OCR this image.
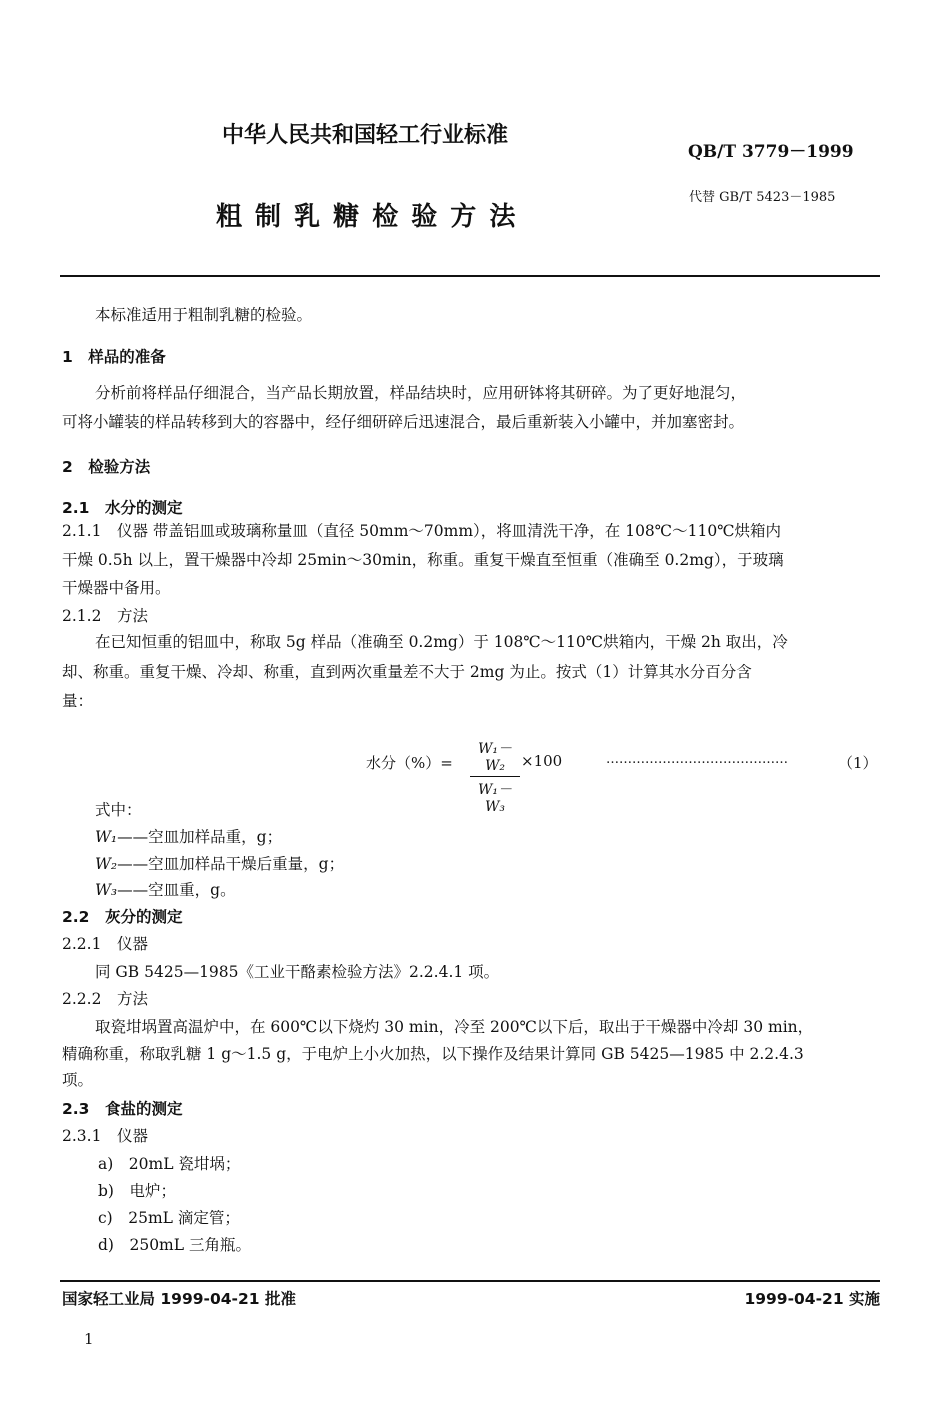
中华人民共和国轻工行业标准
QB/T 3779－1999
粗 制 乳 糖 检 验 方 法
代替 GB/T 5423－1985
本标准适用于粗制乳糖的检验。
1　样品的准备
分析前将样品仔细混合，当产品长期放置，样品结块时，应用研钵将其研碎。为了更好地混匀，
可将小罐装的样品转移到大的容器中，经仔细研碎后迅速混合，最后重新装入小罐中，并加塞密封。
2　检验方法
2.1　水分的测定
2.1.1　仪器 带盖铝皿或玻璃称量皿（直径 50mm～70mm），将皿清洗干净，在 108℃～110℃烘箱内
干燥 0.5h 以上，置干燥器中冷却 25min～30min，称重。重复干燥直至恒重（准确至 0.2mg），于玻璃
干燥器中备用。
2.1.2　方法
在已知恒重的铝皿中，称取 5g 样品（准确至 0.2mg）于 108℃～110℃烘箱内，干燥 2h 取出，冷
却、称重。重复干燥、冷却、称重，直到两次重量差不大于 2mg 为止。按式（1）计算其水分百分含
量：
水分（%）=
W₁－W₂
W₁－W₃
×100	……………………………………	（1）
式中：
W₁——空皿加样品重，g；
W₂——空皿加样品干燥后重量，g；
W₃——空皿重，g。
2.2　灰分的测定
2.2.1　仪器
同 GB 5425—1985《工业干酪素检验方法》2.2.4.1 项。
2.2.2　方法
取瓷坩埚置高温炉中，在 600℃以下烧灼 30 min，冷至 200℃以下后，取出于干燥器中冷却 30 min，
精确称重，称取乳糖 1 g～1.5 g，于电炉上小火加热，以下操作及结果计算同 GB 5425—1985 中 2.2.4.3
项。
2.3　食盐的测定
2.3.1　仪器
a)　20mL 瓷坩埚；
b)　电炉；
c)　25mL 滴定管；
d)　250mL 三角瓶。
国家轻工业局 1999-04-21 批准	1999-04-21 实施
1
